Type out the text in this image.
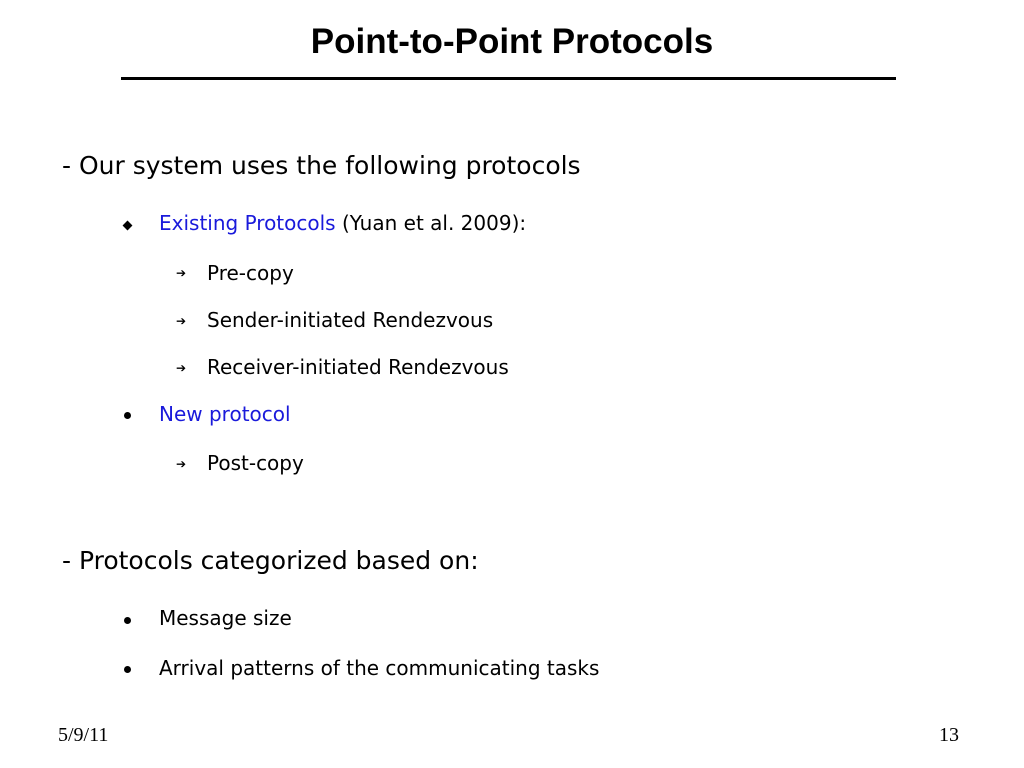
Point-to-Point Protocols
- Our system uses the following protocols
Existing Protocols (Yuan et al. 2009):
➔ Pre-copy
➔ Sender-initiated Rendezvous
➔ Receiver-initiated Rendezvous
New protocol
➔ Post-copy
- Protocols categorized based on:
Message size
Arrival patterns of the communicating tasks
5/9/11	13
